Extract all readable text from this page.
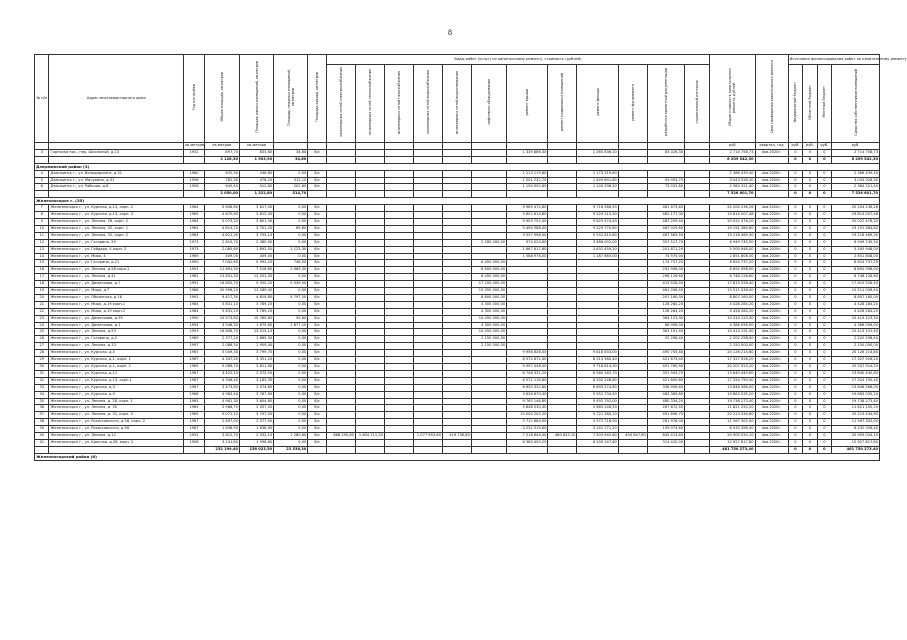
8
№ п/п	Адрес многоквартирного дома	Год постройки	Общая площадь, кв.метров	Площадь жилых помещений, кв.метров	Площадь нежилых помещений, кв.метров	Площадь крыши, кв.метров	Виды работ (услуг) по капитальному ремонту, стоимость (рублей)												Общая стоимость капитального ремонта, рублей	Срок проведения капитального ремонта	Источники финансирования работ по капитальному ремонту			
							инженерных сетей электроснабжения	инженерных сетей теплоснабжения	инженерных сетей газоснабжения	инженерных сетей водоснабжения	инженерных сетей водоотведения	лифтового оборудования	ремонт крыши	ремонт подвальных помещений	ремонт фасада	ремонт фундамента	разработка проектной документации	строительный контроль			Федеральный бюджет	Областной бюджет	Местный бюджет	Средства собственников помещений
		кв.метров	кв.метров	кв.метров															руб	квартал, год	руб.	руб.	руб.	руб.
3	Горнячка пос., пер. Школьный, д.13	1952	897,70	833,80	34,60	б/с							1 339 886,30		1 260 836,10		83 026,30		2 714 758,73	4кв.2020г.	0	0	0	2 714 758,73
			2 128,30	1 903,90	34,60														6 209 542,30		0	0	0	6 209 542,30
Дзержинский район (3)																								
4	Дзержинск г., ул. Володарского, д.31	1960	632,30	436,80	0,00	б/с							1 213 119,80		1 173 319,60				2 386 439,40	4кв.2020г.	0	0	0	2 386 439,40
5	Дзержинск г., ул. Мичурина, д.31	1956	782,30	476,20	312,10	б/с							1 501 232,70		1 449 601,80		93 093,70		3 043 928,30	4кв.2020г.	0	0	0	3 043 928,30
6	Дзержинск г., ул. Рабочая, д.8	1956	645,40	412,80	202,60	б/с							1 150 952,80		1 140 336,20		73 032,80		2 364 321,40	4кв.2020г.	0	0	0	2 364 321,40
			2 050,00	1 322,80	514,70														7 526 601,70		0	0	0	7 526 601,70
Железногорск г. (35)																								
7	Железногорск г., ул. Курская, д.13, корп. 2	1964	5 608,80	3 817,00	0,00	б/с							9 965 472,80		9 716 586,50		481 673,65		20 204 236,26	4кв.2020г.	0	0	0	20 204 236,26
8	Железногорск г., ул. Курская, д.13, корп. 3	1965	4 670,60	3 812,00	0,00	б/с							9 802 614,80		9 529 215,30		482 177,30		19 814 007,48	4кв.2020г.	0	0	0	19 814 007,48
9	Железногорск г., ул. Ленина, 26, корп. 2	1964	5 073,20	3 801,30	0,00	б/с							9 903 752,40		9 625 474,40		487 259,40		20 022 476,20	4кв.2020г.	0	0	0	20 022 476,20
10	Железногорск г., ул. Ленина, 32, корп. 1	1965	4 614,70	3 701,20	69,80	б/с							9 494 588,40		9 229 770,80		467 025,60		19 191 384,80	4кв.2020г.	0	0	0	19 191 384,80
11	Железногорск г., ул. Ленина, 32, корп. 2	1964	4 621,30	3 795,10	0,00	б/с							9 537 996,50		9 242 615,60		467 565,50		19 218 469,30	4кв.2020г.	0	0	0	19 218 469,30
12	Железногорск г., ул. Гагарина, 29	1973	2 615,70	2 380,50	0,00	б/с						2 180 000,00	974 024,60		3 468 002,00		357 517,70		6 949 745,50	4кв.2020г.	0	0	0	6 949 745,50
13	Железногорск г., ул. Гайдара, 4 корп. 2	1975	2 085,60	1 892,50	1 123,30	б/с							1 667 617,60		3 631 459,20		201 871,20		5 500 948,00	4кв.2020г.	0	0	0	5 500 948,00
14	Железногорск г., ул. Мира, 4	1969	409,00	409,00	0,00	б/с							1 588 976,00		1 187 860,00		74 970,00		2 851 808,00	4кв.2020г.	0	0	0	2 851 808,00
15	Железногорск г., ул. Гагарина, д.21	1990	7 042,60	5 992,20	746,50	б/с						6 450 000,00					174 737,20		6 624 737,20	4кв.2020г.	0	0	0	6 624 737,20
16	Железногорск г., ул. Ленина, д.58 корп.2	1991	11 691,50	7 516,60	2 965,30	б/с						8 600 000,00					292 998,00		8 892 998,00	4кв.2020г.	0	0	0	8 892 998,00
17	Железногорск г., ул. Ленина, д.41	1982	13 631,30	12 501,30	0,00	б/с						6 450 000,00					298 126,60		6 748 126,60	4кв.2020г.	0	0	0	6 748 126,60
18	Железногорск г., ул. Димитрова, д.7	1991	16 852,70	9 355,20	5 539,50	б/с						17 200 000,00					415 528,40		17 615 528,40	4кв.2020г.	0	0	0	17 615 528,40
19	Железногорск г., ул. Мира, д.7	1988	20 996,20	13 289,40	0,00	б/с						15 050 000,00					461 036,40		15 511 036,40	4кв.2020г.	0	0	0	15 511 036,40
20	Железногорск г., ул. Обоянская, д.16	1992	9 417,30	4 619,80	4 797,50	б/с						8 600 000,00					207 160,00		8 807 160,00	4кв.2020г.	0	0	0	8 807 160,00
21	Железногорск г., ул. Мира, д.19 корп.1	1984	5 831,10	3 789,20	0,00	б/с						4 300 000,00					128 284,20		4 428 284,20	4кв.2020г.	0	0	0	4 428 284,20
22	Железногорск г., ул. Мира, д.19 корп.2	1984	5 831,10	3 789,20	0,00	б/с						4 300 000,00					128 284,20		4 428 284,20	4кв.2020г.	0	0	0	4 428 284,20
23	Железногорск г., ул. Димитрова, д.35	1990	10 573,80	10 765,80	55,60	б/с						10 050 000,00					364 123,30		10 414 123,30	4кв.2020г.	0	0	0	10 414 123,30
24	Железногорск г., ул. Димитрова, д.1	1994	3 548,30	1 675,80	1 877,10	б/с						4 300 000,00					86 056,00		4 386 056,00	4кв.2020г.	0	0	0	4 386 056,00
25	Железногорск г., ул. Ленина, д.53	1993	16 608,70	13 015,10	0,00	б/с						10 050 000,00					363 191,40		10 413 191,40	4кв.2020г.	0	0	0	10 413 191,40
26	Железногорск г., ул. Гагарина, д.2	1989	2 377,20	1 865,30	0,00	б/с						2 150 000,00					52 298,40		2 202 298,40	4кв.2020г.	0	0	0	2 202 298,40
27	Железногорск г., ул. Ленина, д.33	1997	2 088,50	1 959,40	0,00	б/с						2 150 000,00							2 150 000,00	4кв.2020г.	0	0	0	2 150 000,00
28	Железногорск г., ул. Курская, д.5	1967	5 049,30	3 799,70	0,00	б/с							9 956 626,00		9 618 833,00		490 755,80		20 126 214,80	4кв.2020г.	0	0	0	20 126 214,80
29	Железногорск г., ул. Курская, д.1, корп. 1	1967	4 347,20	3 351,20	0,00	б/с							8 572 672,40		8 313 580,40		421 673,40		17 327 926,20	4кв.2020г.	0	0	0	17 327 926,20
30	Железногорск г., ул. Курская, д.1, корп. 2	1965	5 069,70	3 811,60	0,00	б/с							9 997 446,40		9 718 814,90		491 760,90		20 207 924,20	4кв.2020г.	0	0	0	20 207 924,20
31	Железногорск г., ул. Курская, д.11	1967	3 422,10	2 572,50	0,00	б/с							6 748 331,20		6 560 165,70		331 943,70		13 640 440,60	4кв.2020г.	0	0	0	13 640 440,60
32	Железногорск г., ул. Курская, д.13, корп.1	1967	4 346,40	3 183,30	0,00	б/с							8 571 116,80		8 332 248,80		421 600,80		17 324 750,40	4кв.2020г.	0	0	0	17 324 750,40
33	Железногорск г., ул. Курская, д.3	1967	3 473,80	2 574,60	0,00	б/с							6 850 332,80		6 659 274,80		336 958,60		13 846 566,00	4кв.2020г.	0	0	0	13 846 566,00
34	Железногорск г., ул. Курская, д.9	1966	4 983,40	3 787,60	0,00	б/с							9 826 670,40		9 552 734,40		483 389,80		19 863 035,20	4кв.2020г.	0	0	0	19 863 035,20
35	Железногорск г., ул. Ленина, д. 28, корп. 1	1965	4 981,30	3 604,60	0,00	б/с							9 765 146,80		9 492 792,00		480 334,20		19 738 273,40	4кв.2020г.	0	0	0	19 738 273,40
36	Железногорск г., ул. Ленина, д. 30	1965	2 968,70	2 057,00	0,00	б/с							5 848 530,40		5 685 248,50		287 672,50		11 821 250,20	4кв.2020г.	0	0	0	11 821 250,20
37	Железногорск г., ул. Ленина, д. 32, корп. 3	1965	5 071,10	3 797,00	0,00	б/с							10 000 202,20		9 721 280,10		491 696,70		20 213 434,60	4кв.2020г.	0	0	0	20 213 434,60
38	Железногорск г., ул. Рокоссовского, д.56, корп. 2	1967	2 897,00	2 577,00	0,00	б/с							5 712 684,00		5 572 718,00		281 978,00		11 567 302,00	4кв.2020г.	0	0	0	11 567 302,00
39	Железногорск г., ул. Рокоссовского, д.56	1967	1 638,90	1 638,90	0,00	б/с							3 231 513,60		3 141 771,20		159 073,60		6 532 356,40	4кв.2020г.	0	0	0	6 532 356,40
40	Железногорск г., ул. Ленина, д.12	1952	3 612,70	2 332,10	1 280,60	б/с	868 295,60	1 604 711,20		1 077 653,60	519 736,80		7 018 644,40	480 835,10	7 503 945,60	494 647,80	845 413,60		20 905 034,10	4кв.2020г.	0	0	0	20 905 034,10
41	Железногорск г., ул. Красная, д.28, корп. 2	1958	3 241,80	1 996,80	0,00	б/с							6 364 450,20		6 249 147,60		314 420,00		12 927 817,80	4кв.2020г.	0	0	0	12 927 817,80
			232 199,40	158 023,50	22 538,30														461 750 273,40		0	0	0	461 750 273,40
Железногорский район (6)																								
